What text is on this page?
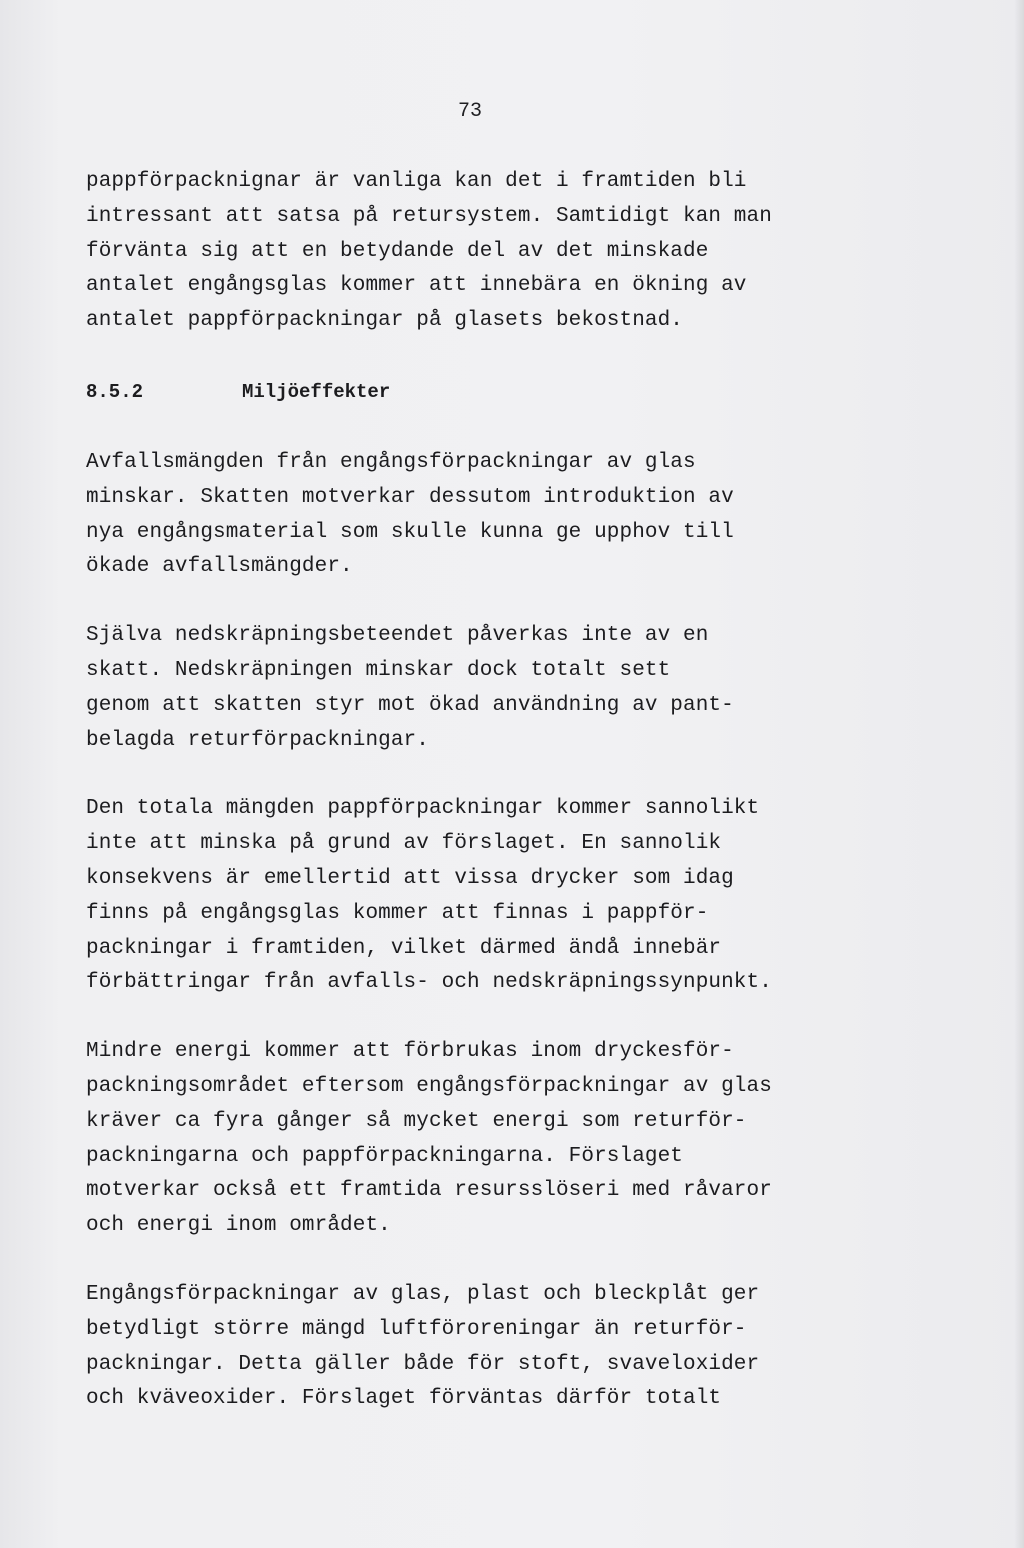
73

pappförpacknignar är vanliga kan det i framtiden bli

intressant att satsa på retursystem. Samtidigt kan man

förvänta sig att en betydande del av det minskade

antalet engångsglas kommer att innebära en ökning av

antalet pappförpackningar på glasets bekostnad.

8.5.2	Miljöeffekter

Avfallsmängden från engångsförpackningar av glas

minskar. Skatten motverkar dessutom introduktion av

nya engångsmaterial som skulle kunna ge upphov till

ökade avfallsmängder.

Själva nedskräpningsbeteendet påverkas inte av en

skatt. Nedskräpningen minskar dock totalt sett

genom att skatten styr mot ökad användning av pant-

belagda returförpackningar.

Den totala mängden pappförpackningar kommer sannolikt

inte att minska på grund av förslaget. En sannolik

konsekvens är emellertid att vissa drycker som idag

finns på engångsglas kommer att finnas i pappför-

packningar i framtiden, vilket därmed ändå innebär

förbättringar från avfalls- och nedskräpningssynpunkt.

Mindre energi kommer att förbrukas inom dryckesför-

packningsområdet eftersom engångsförpackningar av glas

kräver ca fyra gånger så mycket energi som returför-

packningarna och pappförpackningarna. Förslaget

motverkar också ett framtida resursslöseri med råvaror

och energi inom området.

Engångsförpackningar av glas, plast och bleckplåt ger

betydligt större mängd luftföroreningar än returför-

packningar. Detta gäller både för stoft, svaveloxider

och kväveoxider. Förslaget förväntas därför totalt
